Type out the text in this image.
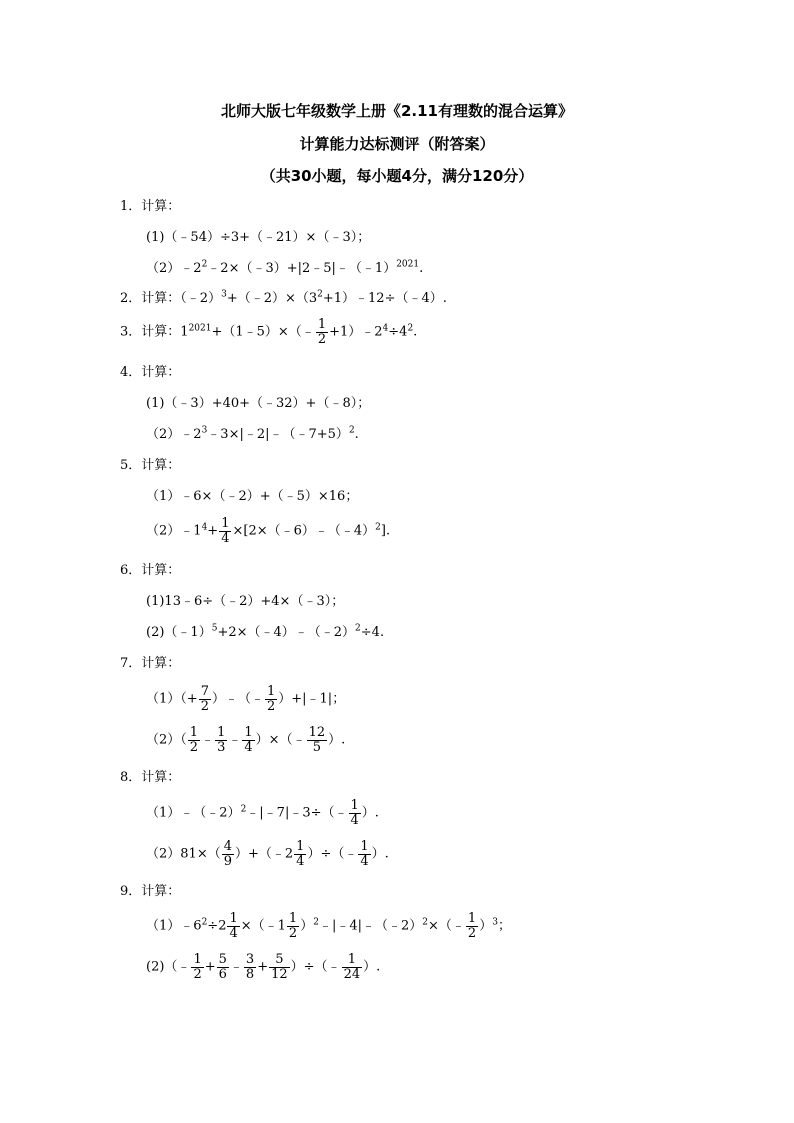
北师大版七年级数学上册《2.11有理数的混合运算》
计算能力达标测评（附答案）
（共30小题，每小题4分，满分120分）
1．计算：
(1)（﹣54）÷3+（﹣21）×（﹣3）；
$(2)﹣2^2﹣2\times(﹣3)+|2﹣5|﹣(﹣1)^{2021}$.
2．计算：$(﹣2)^3+(﹣2)\times(3^2+1)﹣12\div(﹣4)$.
3．计算：$1^{2021}+(1﹣5)\times(﹣ \frac{1}{2}$ $+1)﹣2^4\div 4^2$.
4．计算：
(1)（﹣3）+40+（﹣32）+（﹣8）；
$(2)﹣2^3﹣3\times|﹣2|﹣(﹣7+5)^2$.
5．计算：
（1）﹣6×（﹣2）+（﹣5）×16；
$(2)﹣1^4+ \frac{1}{4}$ ×[2×（﹣6）﹣（﹣4）$^2$].
6．计算：
(1)13﹣6÷（﹣2）+4×（﹣3）；
(2)（﹣1）$^5$+2×（﹣4）﹣（﹣2）$^2$÷4.
7．计算：
$(1)(+ \frac{7}{2}$ ）﹣（﹣ $\frac{1}{2}$ ）+|﹣1|；
$(2)( \frac{1}{2}$ ﹣ $\frac{1}{3}$ ﹣ $\frac{1}{4}$ ）×（﹣ $\frac{12}{5}$ ）.
8．计算：
（1）﹣（﹣2）$^2$﹣|﹣7|﹣3÷（﹣ $\frac{1}{4}$ ）.
$(2)81\times( \frac{4}{9}$ ）+（﹣2 $\frac{1}{4}$ ）÷（﹣ $\frac{1}{4}$ ）.
9．计算：
$(1)﹣6^2\div 2 \frac{1}{4}$ ×（﹣1 $\frac{1}{2}$ ）$^2$﹣|﹣4|﹣（﹣2）$^2$×（﹣ $\frac{1}{2} )^3$；
(2)（﹣ $\frac{1}{2} + \frac{5}{6}$ ﹣ $\frac{3}{8} + \frac{5}{12}$ ）÷（﹣ $\frac{1}{24}$ ）.
